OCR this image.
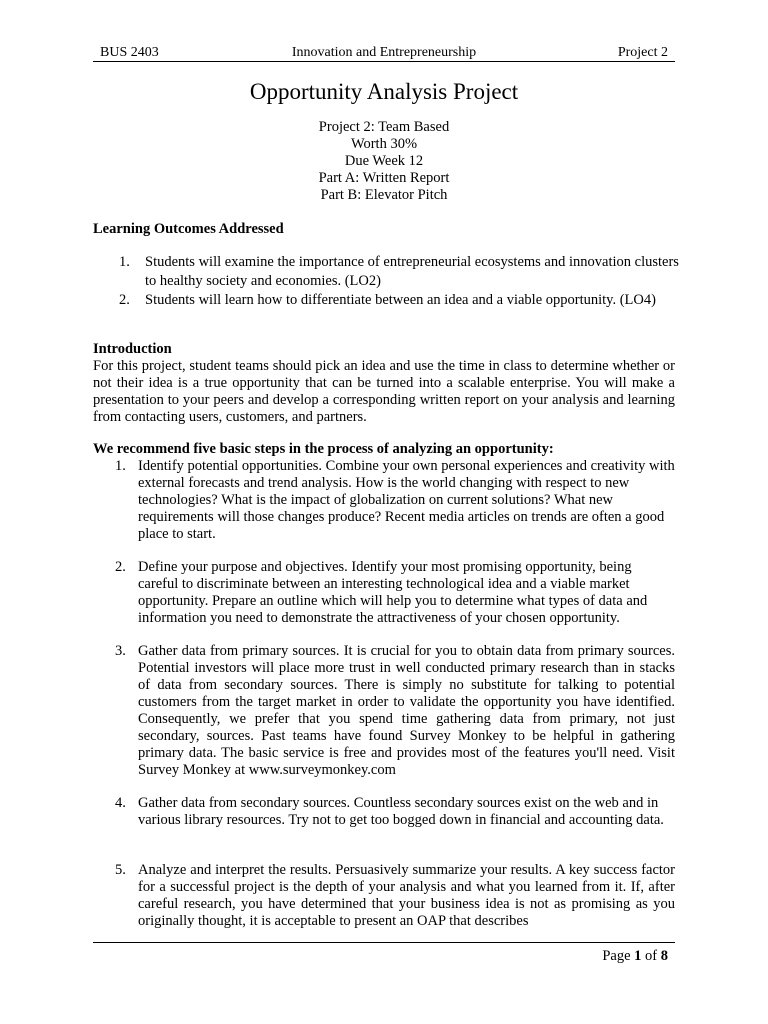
BUS 2403	Innovation and Entrepreneurship	Project 2
Opportunity Analysis Project
Project 2: Team Based
Worth 30%
Due Week 12
Part A: Written Report
Part B: Elevator Pitch
Learning Outcomes Addressed
1. Students will examine the importance of entrepreneurial ecosystems and innovation clusters to healthy society and economies. (LO2)
2. Students will learn how to differentiate between an idea and a viable opportunity. (LO4)
Introduction
For this project, student teams should pick an idea and use the time in class to determine whether or not their idea is a true opportunity that can be turned into a scalable enterprise. You will make a presentation to your peers and develop a corresponding written report on your analysis and learning from contacting users, customers, and partners.
We recommend five basic steps in the process of analyzing an opportunity:
1. Identify potential opportunities. Combine your own personal experiences and creativity with external forecasts and trend analysis. How is the world changing with respect to new technologies? What is the impact of globalization on current solutions? What new requirements will those changes produce? Recent media articles on trends are often a good place to start.
2. Define your purpose and objectives. Identify your most promising opportunity, being careful to discriminate between an interesting technological idea and a viable market opportunity. Prepare an outline which will help you to determine what types of data and information you need to demonstrate the attractiveness of your chosen opportunity.
3. Gather data from primary sources. It is crucial for you to obtain data from primary sources. Potential investors will place more trust in well conducted primary research than in stacks of data from secondary sources. There is simply no substitute for talking to potential customers from the target market in order to validate the opportunity you have identified. Consequently, we prefer that you spend time gathering data from primary, not just secondary, sources. Past teams have found Survey Monkey to be helpful in gathering primary data. The basic service is free and provides most of the features you'll need. Visit Survey Monkey at www.surveymonkey.com
4. Gather data from secondary sources. Countless secondary sources exist on the web and in various library resources. Try not to get too bogged down in financial and accounting data.
5. Analyze and interpret the results. Persuasively summarize your results. A key success factor for a successful project is the depth of your analysis and what you learned from it. If, after careful research, you have determined that your business idea is not as promising as you originally thought, it is acceptable to present an OAP that describes
Page 1 of 8
